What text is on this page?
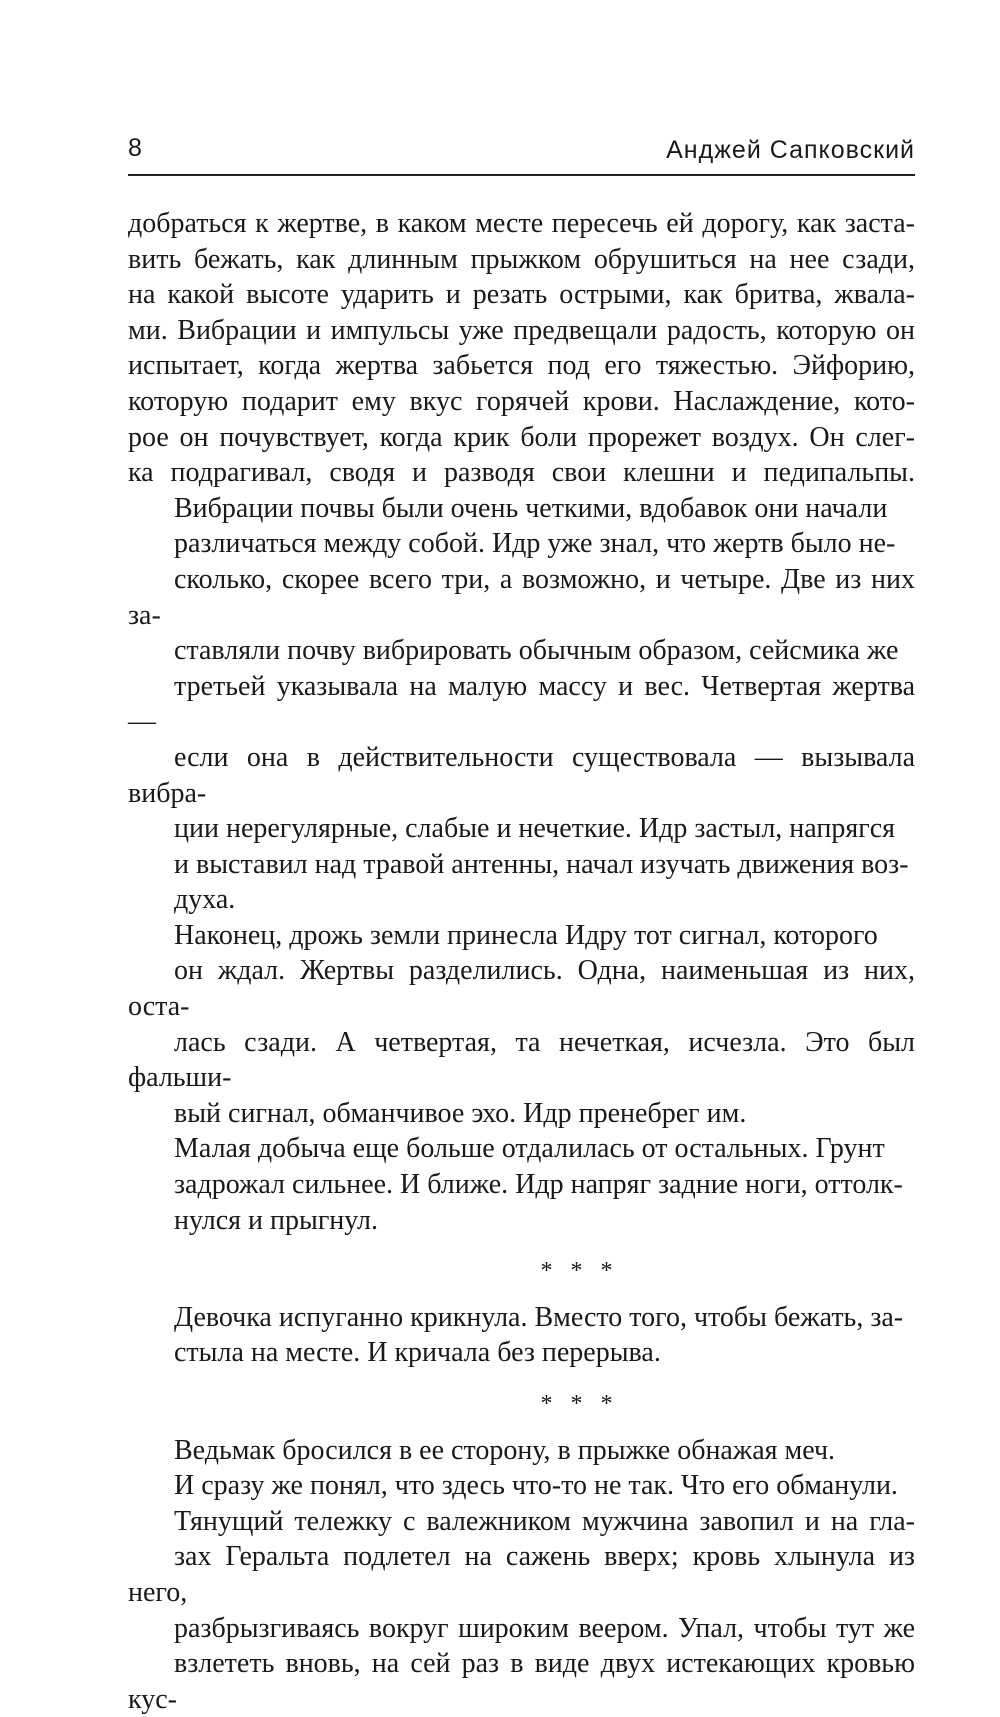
8	Анджей Сапковский

добраться к жертве, в каком месте пересечь ей дорогу, как заста-
вить бежать, как длинным прыжком обрушиться на нее сзади,
на какой высоте ударить и резать острыми, как бритва, жвала-
ми. Вибрации и импульсы уже предвещали радость, которую он
испытает, когда жертва забьется под его тяжестью. Эйфорию,
которую подарит ему вкус горячей крови. Наслаждение, кото-
рое он почувствует, когда крик боли прорежет воздух. Он слег-
ка подрагивал, сводя и разводя свои клешни и педипальпы.

Вибрации почвы были очень четкими, вдобавок они начали
различаться между собой. Идр уже знал, что жертв было не-
сколько, скорее всего три, а возможно, и четыре. Две из них за-
ставляли почву вибрировать обычным образом, сейсмика же
третьей указывала на малую массу и вес. Четвертая жертва —
если она в действительности существовала — вызывала вибра-
ции нерегулярные, слабые и нечеткие. Идр застыл, напрягся
и выставил над травой антенны, начал изучать движения воз-
духа.

Наконец, дрожь земли принесла Идру тот сигнал, которого
он ждал. Жертвы разделились. Одна, наименьшая из них, оста-
лась сзади. А четвертая, та нечеткая, исчезла. Это был фальши-
вый сигнал, обманчивое эхо. Идр пренебрег им.

Малая добыча еще больше отдалилась от остальных. Грунт
задрожал сильнее. И ближе. Идр напряг задние ноги, оттолк-
нулся и прыгнул.

* * *

Девочка испуганно крикнула. Вместо того, чтобы бежать, за-
стыла на месте. И кричала без перерыва.

* * *

Ведьмак бросился в ее сторону, в прыжке обнажая меч.
И сразу же понял, что здесь что-то не так. Что его обманули.

Тянущий тележку с валежником мужчина завопил и на гла-
зах Геральта подлетел на сажень вверх; кровь хлынула из него,
разбрызгиваясь вокруг широким веером. Упал, чтобы тут же
взлететь вновь, на сей раз в виде двух истекающих кровью кус-
